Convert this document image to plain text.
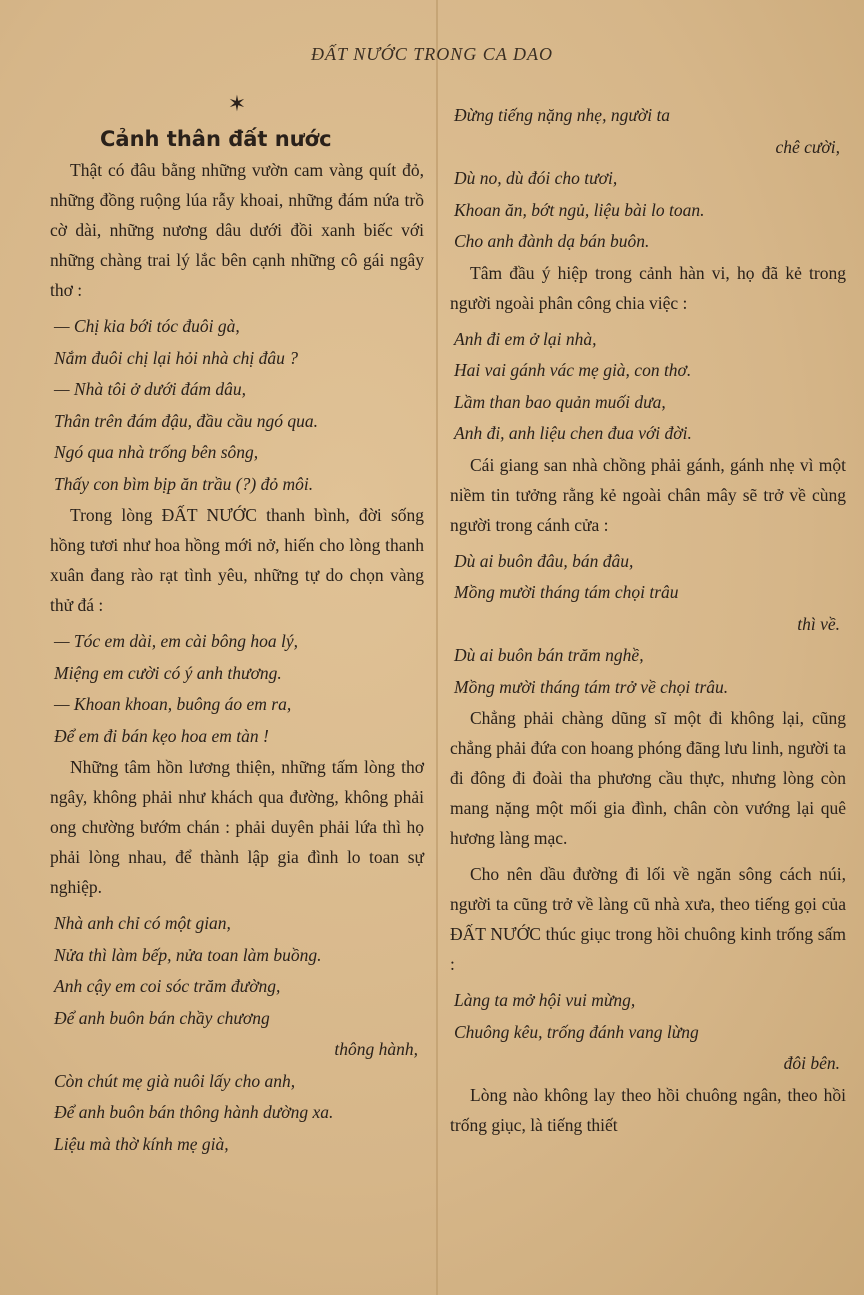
ĐẤT NƯỚC TRONG CA DAO
✶
Cảnh thân đất nước

Thật có đâu bằng những vườn cam vàng quít đỏ, những đồng ruộng lúa rẫy khoai, những đám nứa trồ cờ dài, những nương dâu dưới đồi xanh biếc với những chàng trai lý lắc bên cạnh những cô gái ngây thơ :

— Chị kia bới tóc đuôi gà,

Nắm đuôi chị lại hỏi nhà chị đâu ?

— Nhà tôi ở dưới đám dâu,

Thân trên đám đậu, đầu cầu ngó qua.

Ngó qua nhà trống bên sông,

Thấy con bìm bịp ăn trầu (?) đỏ môi.

Trong lòng ĐẤT NƯỚC thanh bình, đời sống hồng tươi như hoa hồng mới nở, hiến cho lòng thanh xuân đang rào rạt tình yêu, những tự do chọn vàng thử đá :

— Tóc em dài, em cài bông hoa lý,

Miệng em cười có ý anh thương.

— Khoan khoan, buông áo em ra,

Để em đi bán kẹo hoa em tàn !

Những tâm hồn lương thiện, những tấm lòng thơ ngây, không phải như khách qua đường, không phải ong chường bướm chán : phải duyên phải lứa thì họ phải lòng nhau, để thành lập gia đình lo toan sự nghiệp.

Nhà anh chỉ có một gian,

Nửa thì làm bếp, nửa toan làm buồng.

Anh cậy em coi sóc trăm đường,

Để anh buôn bán chầy chương

thông hành,

Còn chút mẹ già nuôi lấy cho anh,

Để anh buôn bán thông hành dường xa.

Liệu mà thờ kính mẹ già,

Đừng tiếng nặng nhẹ, người ta

chê cười,

Dù no, dù đói cho tươi,

Khoan ăn, bớt ngủ, liệu bài lo toan.

Cho anh đành dạ bán buôn.

Tâm đầu ý hiệp trong cảnh hàn vi, họ đã kẻ trong người ngoài phân công chia việc :

Anh đi em ở lại nhà,

Hai vai gánh vác mẹ già, con thơ.

Lầm than bao quản muối dưa,

Anh đi, anh liệu chen đua với đời.

Cái giang san nhà chồng phải gánh, gánh nhẹ vì một niềm tin tưởng rằng kẻ ngoài chân mây sẽ trở về cùng người trong cánh cửa :

Dù ai buôn đâu, bán đâu,

Mồng mười tháng tám chọi trâu

thì về.

Dù ai buôn bán trăm nghề,

Mồng mười tháng tám trở về chọi trâu.

Chẳng phải chàng dũng sĩ một đi không lại, cũng chẳng phải đứa con hoang phóng đãng lưu linh, người ta đi đông đi đoài tha phương cầu thực, nhưng lòng còn mang nặng một mối gia đình, chân còn vướng lại quê hương làng mạc.

Cho nên dầu đường đi lối về ngăn sông cách núi, người ta cũng trở về làng cũ nhà xưa, theo tiếng gọi của ĐẤT NƯỚC thúc giục trong hồi chuông kinh trống sấm :

Làng ta mở hội vui mừng,

Chuông kêu, trống đánh vang lừng

đôi bên.

Lòng nào không lay theo hồi chuông ngân, theo hồi trống giục, là tiếng thiết
